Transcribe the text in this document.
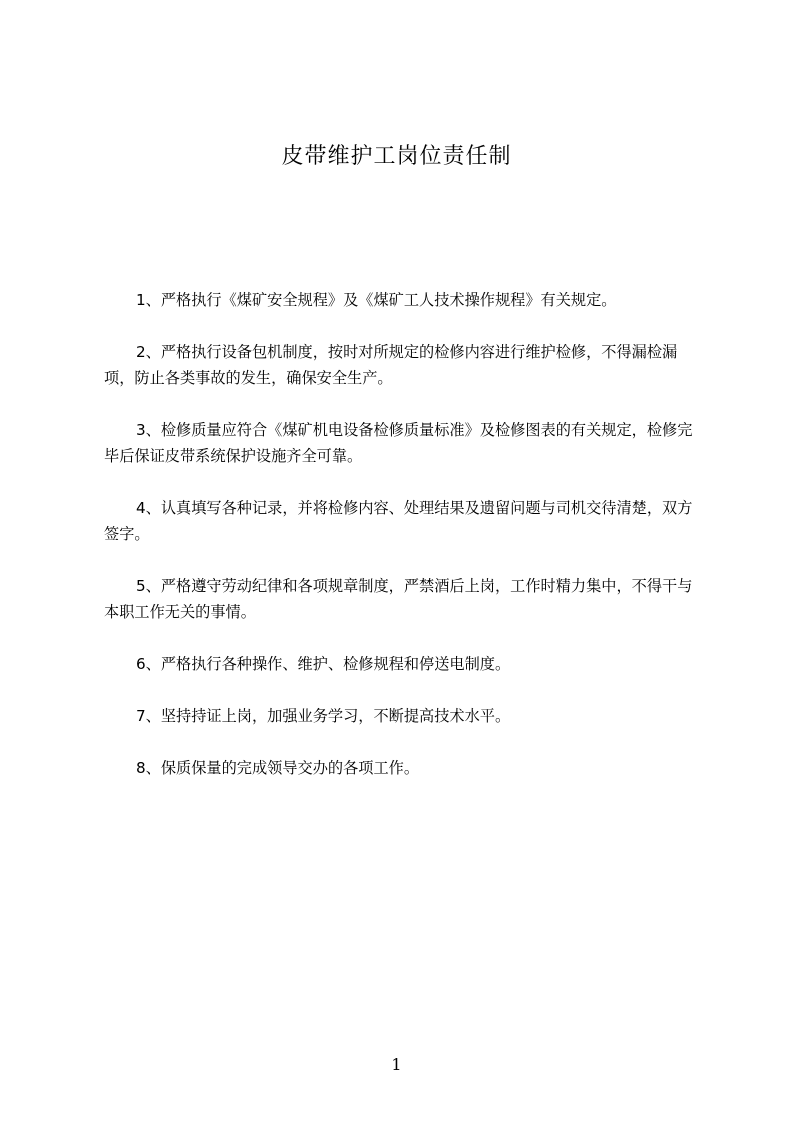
皮带维护工岗位责任制
1、严格执行《煤矿安全规程》及《煤矿工人技术操作规程》有关规定。
2、严格执行设备包机制度，按时对所规定的检修内容进行维护检修，不得漏检漏项，防止各类事故的发生，确保安全生产。
3、检修质量应符合《煤矿机电设备检修质量标准》及检修图表的有关规定，检修完毕后保证皮带系统保护设施齐全可靠。
4、认真填写各种记录，并将检修内容、处理结果及遗留问题与司机交待清楚，双方签字。
5、严格遵守劳动纪律和各项规章制度，严禁酒后上岗，工作时精力集中，不得干与本职工作无关的事情。
6、严格执行各种操作、维护、检修规程和停送电制度。
7、坚持持证上岗，加强业务学习，不断提高技术水平。
8、保质保量的完成领导交办的各项工作。
1
